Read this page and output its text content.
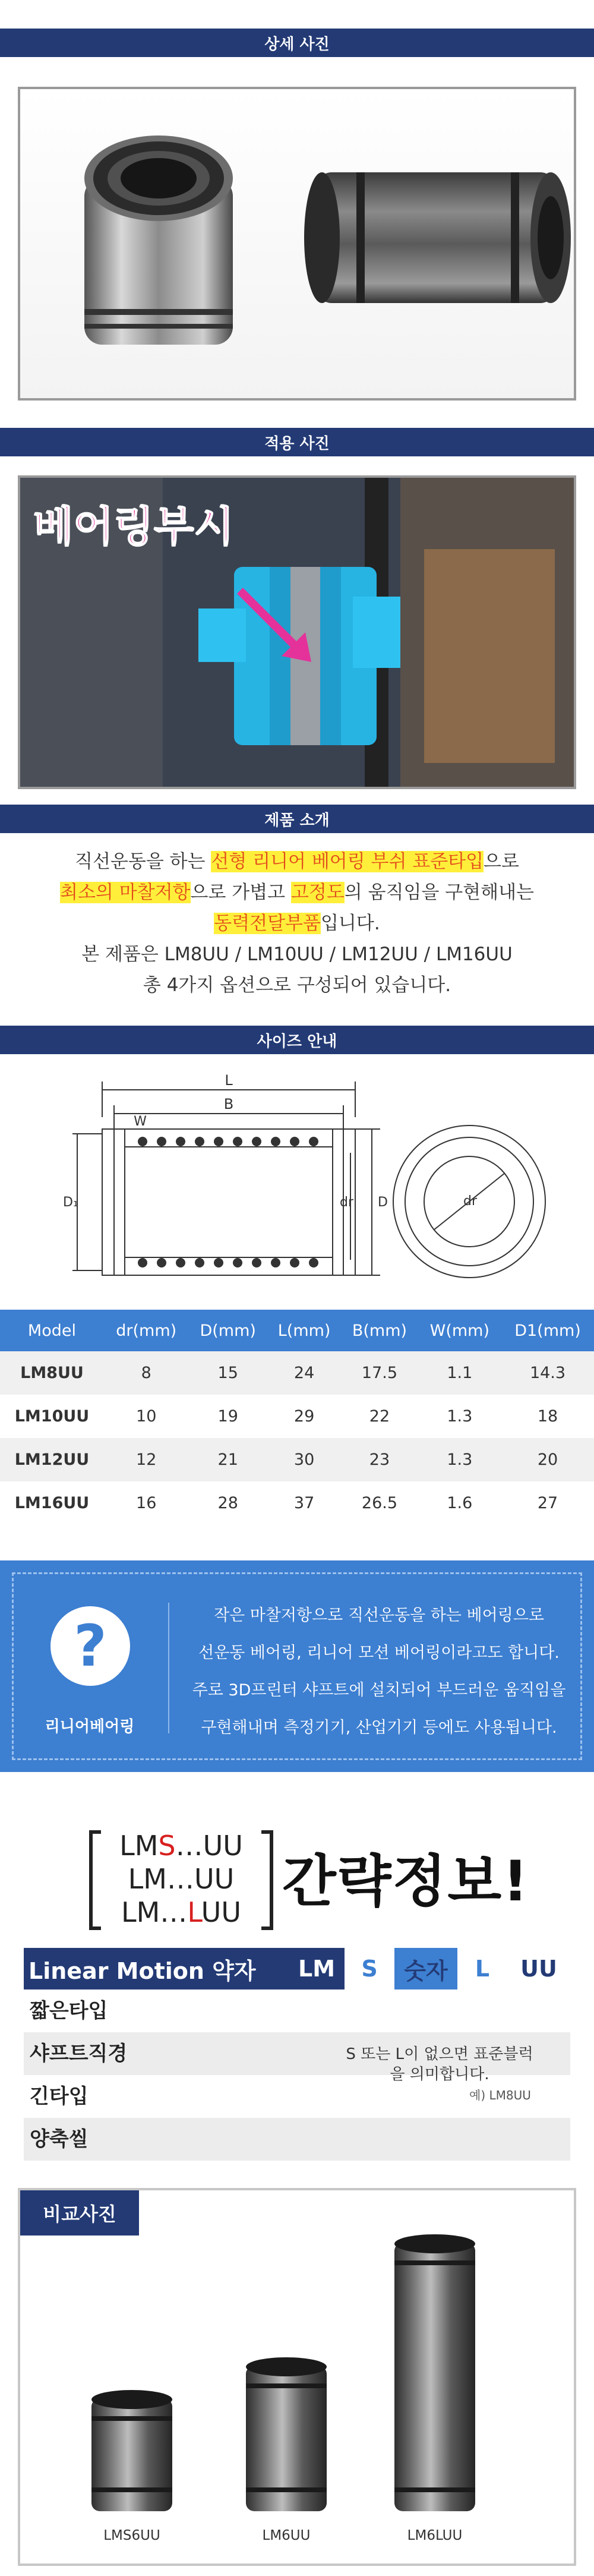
상세 사진
적용 사진
베어링부시
제품 소개

직선운동을 하는 선형 리니어 베어링 부쉬 표준타입으로

최소의 마찰저항으로 가볍고 고정도의 움직임을 구현해내는

동력전달부품입니다.

본 제품은 LM8UU / LM10UU / LM12UU / LM16UU

총 4가지 옵션으로 구성되어 있습니다.

사이즈 안내
L
B
W
D₁	dr D	dr
Model	dr(mm)	D(mm)	L(mm)	B(mm)	W(mm)	D1(mm)
LM8UU	8	15	24	17.5	1.1	14.3
LM10UU	10	19	29	22	1.3	18
LM12UU	12	21	30	23	1.3	20
LM16UU	16	28	37	26.5	1.6	27
?
리니어베어링

작은 마찰저항으로 직선운동을 하는 베어링으로

선운동 베어링, 리니어 모션 베어링이라고도 합니다.

주로 3D프린터 샤프트에 설치되어 부드러운 움직임을

구현해내며 측정기기, 산업기기 등에도 사용됩니다.

LMS…UU
LM…UU
LM…LUU 간략정보!
Linear Motion 약자	LM	S	숫자	L	UU
짧은타입
샤프트직경
긴타입
양축씰
S 또는 L이 없으면 표준블럭을 의미합니다.
예) LM8UU
비교사진
LMS6UU	LM6UU	LM6LUU
